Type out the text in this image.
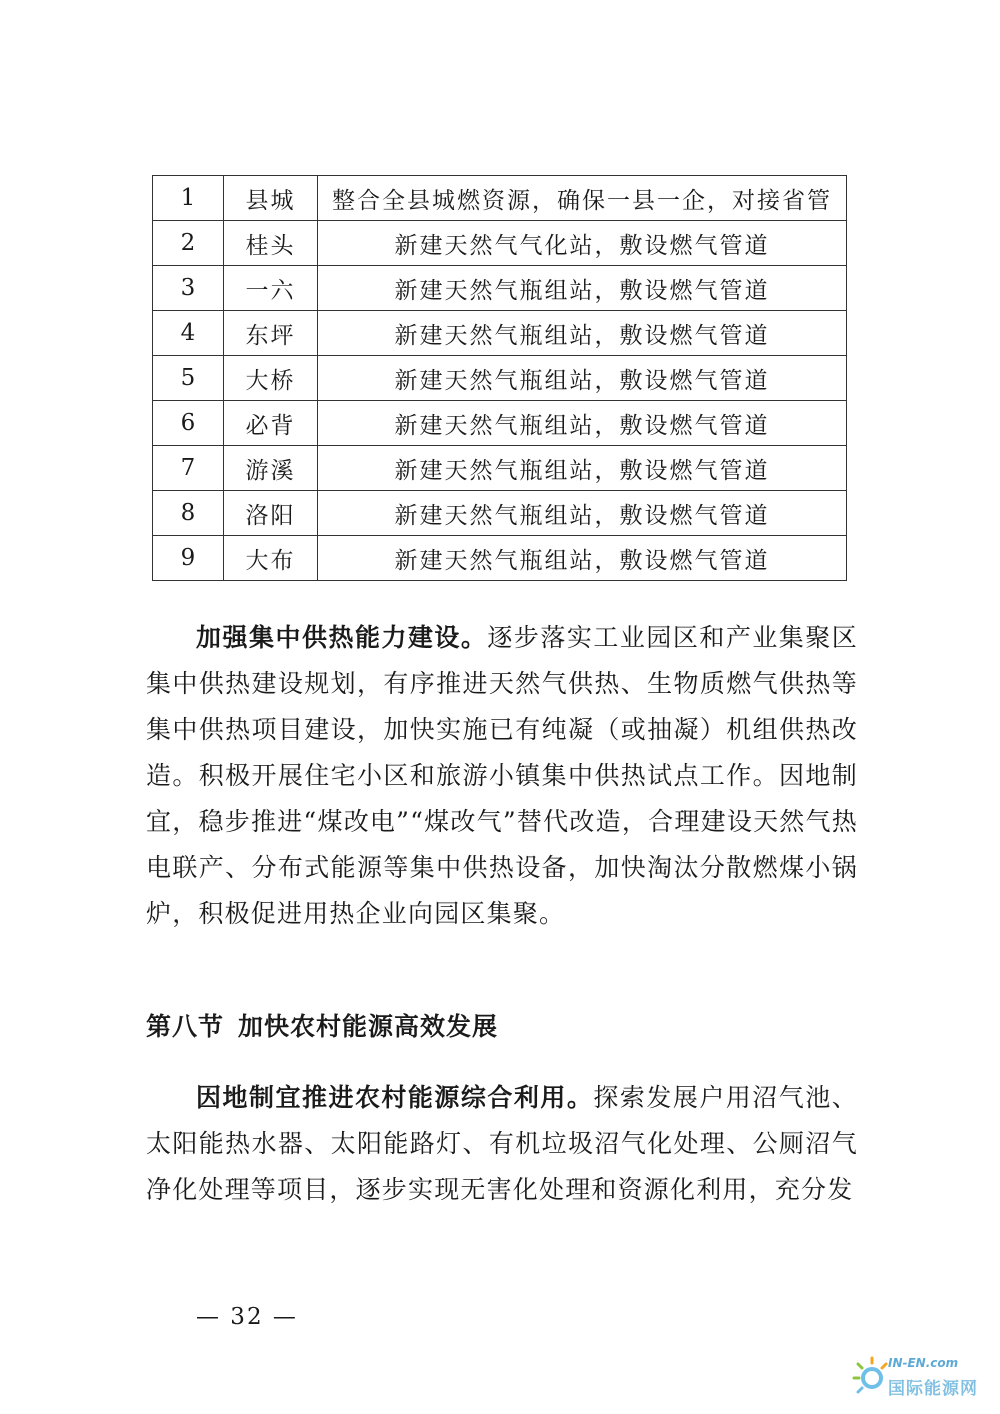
1	县城	整合全县城燃资源，确保一县一企，对接省管
2	桂头	新建天然气气化站，敷设燃气管道
3	一六	新建天然气瓶组站，敷设燃气管道
4	东坪	新建天然气瓶组站，敷设燃气管道
5	大桥	新建天然气瓶组站，敷设燃气管道
6	必背	新建天然气瓶组站，敷设燃气管道
7	游溪	新建天然气瓶组站，敷设燃气管道
8	洛阳	新建天然气瓶组站，敷设燃气管道
9	大布	新建天然气瓶组站，敷设燃气管道

加强集中供热能力建设。逐步落实工业园区和产业集聚区集中供热建设规划，有序推进天然气供热、生物质燃气供热等集中供热项目建设，加快实施已有纯凝（或抽凝）机组供热改造。积极开展住宅小区和旅游小镇集中供热试点工作。因地制宜，稳步推进“煤改电”“煤改气”替代改造，合理建设天然气热电联产、分布式能源等集中供热设备，加快淘汰分散燃煤小锅炉，积极促进用热企业向园区集聚。

第八节 加快农村能源高效发展

因地制宜推进农村能源综合利用。探索发展户用沼气池、太阳能热水器、太阳能路灯、有机垃圾沼气化处理、公厕沼气净化处理等项目，逐步实现无害化处理和资源化利用，充分发

— 32 —
IN-EN.com
国际能源网
